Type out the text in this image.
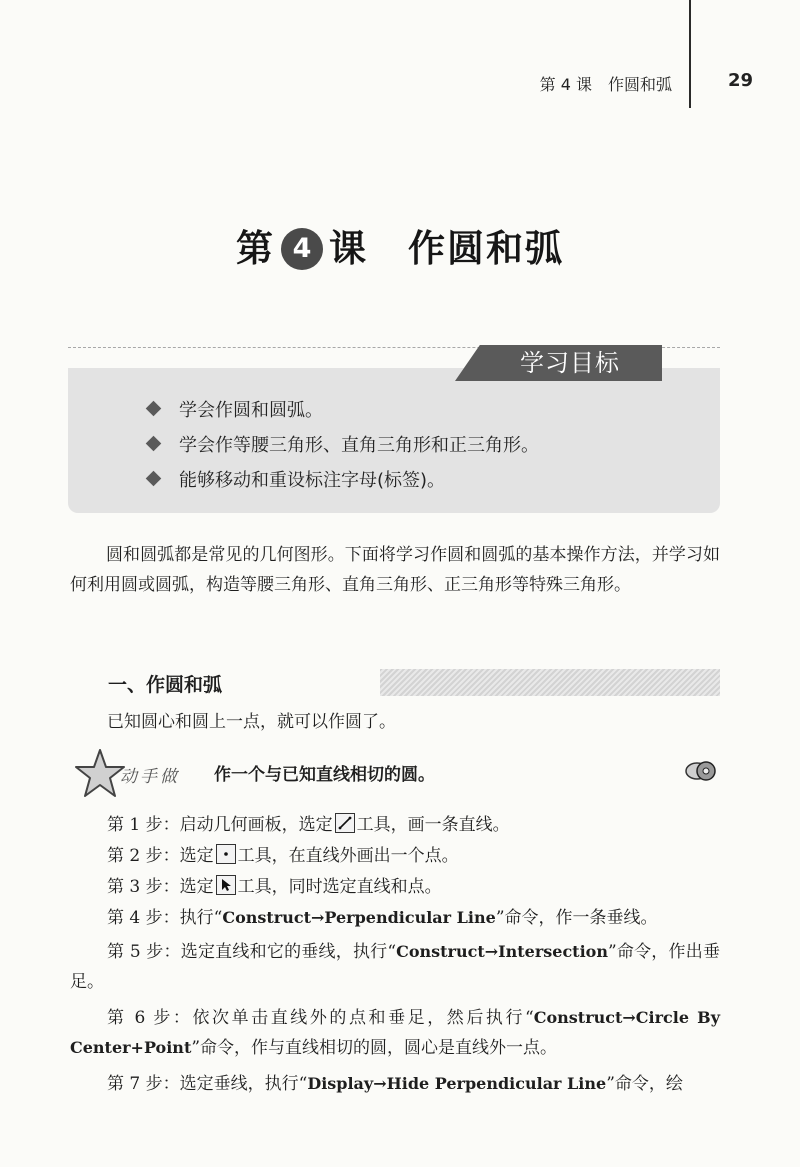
第 4 课　作圆和弧	29
第 4 课 作圆和弧
学习目标
学会作圆和圆弧。
学会作等腰三角形、直角三角形和正三角形。
能够移动和重设标注字母(标签)。
圆和圆弧都是常见的几何图形。下面将学习作圆和圆弧的基本操作方法，并学习如何利用圆或圆弧，构造等腰三角形、直角三角形、正三角形等特殊三角形。
一、作圆和弧
已知圆心和圆上一点，就可以作圆了。
动手做 作一个与已知直线相切的圆。
第 1 步：启动几何画板，选定 工具，画一条直线。
第 2 步：选定 工具，在直线外画出一个点。
第 3 步：选定 工具，同时选定直线和点。
第 4 步：执行“Construct→Perpendicular Line”命令，作一条垂线。
第 5 步：选定直线和它的垂线，执行“Construct→Intersection”命令，作出垂足。
第 6 步：依次单击直线外的点和垂足，然后执行“Construct→Circle By Center+Point”命令，作与直线相切的圆，圆心是直线外一点。
第 7 步：选定垂线，执行“Display→Hide Perpendicular Line”命令，绘
